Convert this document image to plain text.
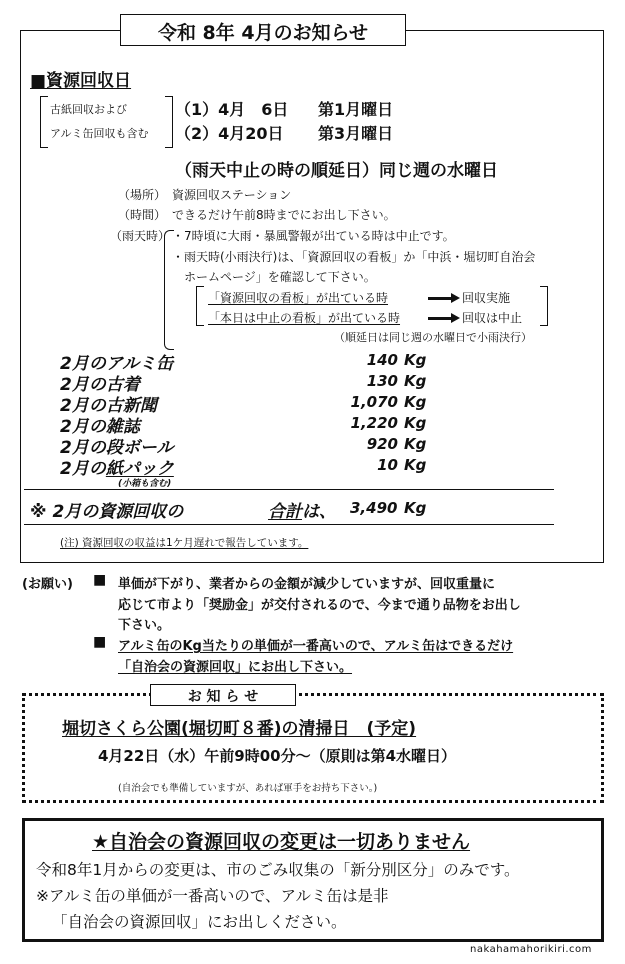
令和 8年 4月のお知らせ
■資源回収日
古紙回収および
アルミ缶回収も含む
（1）4月　6日 第1月曜日
（2）4月20日 第3月曜日
（雨天中止の時の順延日）同じ週の水曜日
（場所） 資源回収ステーション
（時間） できるだけ午前8時までにお出し下さい。
（雨天時） ・7時頃に大雨・暴風警報が出ている時は中止です。
・雨天時(小雨決行)は、「資源回収の看板」か「中浜・堀切町自治会
ホームページ」を確認して下さい。
「資源回収の看板」が出ている時	回収実施
「本日は中止の看板」が出ている時	回収は中止
（順延日は同じ週の水曜日で小雨決行）
2月のアルミ缶	140 Kg
2月の古着	130 Kg
2月の古新聞	1,070 Kg
2月の雑誌	1,220 Kg
2月の段ボール	920 Kg
2月の紙パック	10 Kg
(小箱も含む)
※ 2月の資源回収の	合計は、 3,490 Kg
(注) 資源回収の収益は1ケ月遅れで報告しています。
(お願い) ■ 単価が下がり、業者からの金額が減少していますが、回収重量に
応じて市より「奨励金」が交付されるので、今まで通り品物をお出し
下さい。
■ アルミ缶のKg当たりの単価が一番高いので、アルミ缶はできるだけ
「自治会の資源回収」にお出し下さい。
お 知 ら せ
堀切さくら公園(堀切町８番)の清掃日　(予定)
4月22日（水）午前9時00分～（原則は第4水曜日）
(自治会でも準備していますが、あれば軍手をお持ち下さい。)
★自治会の資源回収の変更は一切ありません
令和8年1月からの変更は、市のごみ収集の「新分別区分」のみです。
※アルミ缶の単価が一番高いので、アルミ缶は是非
「自治会の資源回収」にお出しください。
nakahamahorikiri.com
